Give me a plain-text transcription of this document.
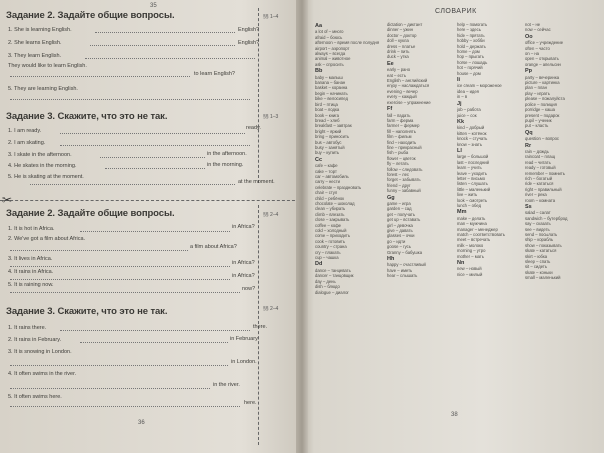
35
Задание 2. Задайте общие вопросы.	§§ 1–4
1. She is learning English.	English?
2. She learns English.	English?
3. They learn English.
They would like to learn English.
to learn English?
5. They are learning English.
Задание 3. Скажите, что это не так.	§§ 1–3
1. I am ready.	ready.
2. I am skating.
3. I skate in the afternoon.	in the afternoon.
4. He skates in the morning.	in the morning.
5. He is skating at the moment.
at the moment.
✂
Задание 2. Задайте общие вопросы.	§§ 2–4
1. It is hot in Africa.	in Africa?
2. We've got a film about Africa.
a film about Africa?
3. It lives in Africa.
in Africa?
4. It rains in Africa.
in Africa?
5. It is raining now.
now?
Задание 3. Скажите, что это не так.	§§ 2–4
1. It rains there.	there.
2. It rains in February.	in February.
3. It is snowing in London.
in London.
4. It often swims in the river.
in the river.
5. It often swims here.
here.
36
СЛОВАРИК
Aa
a lot of – много
afraid – боюсь
afternoon – время после полудня
airport – аэропорт
always – всегда
animal – животное
ask – спросить
Bb
baby – малыш
banana – банан
basket – корзина
begin – начинать
bike – велосипед
bird – птица
boat – лодка
book – книга
bread – хлеб
breakfast – завтрак
bright – яркий
bring – приносить
bus – автобус
busy – занятый
buy – купить
Cc
cafe – кафе
cake – торт
car – автомобиль
carry – нести
celebrate – праздновать
chair – стул
child – ребёнок
chocolate – шоколад
clean – убирать
climb – влезать
close – закрывать
coffee – кофе
cold – холодный
come – приходить
cook – готовить
country – страна
cry – плакать
cup – чашка
Dd
dance – танцевать
dancer – танцовщик
day – день
dish – блюдо
dialogue – диалог
dictation – диктант
dinner – ужин
doctor – доктор
doll – кукла
dress – платье
drink – пить
duck – утка
Ee
early – рано
eat – есть
English – английский
enjoy – наслаждаться
evening – вечер
every – каждый
exercise – упражнение
Ff
fall – падать
farm – ферма
farmer – фермер
fill – наполнять
film – фильм
find – находить
fine – прекрасный
fish – рыба
flower – цветок
fly – летать
follow – следовать
forest – лес
forget – забывать
friend – друг
funny – забавный
Gg
game – игра
garden – сад
get – получать
get up – вставать
girl – девочка
give – давать
glasses – очки
go – идти
goose – гусь
Granny – бабушка
Hh
happy – счастливый
have – иметь
hear – слышать
help – помогать
here – здесь
hide – прятать
hobby – хобби
hold – держать
home – дом
hop – прыгать
horse – лошадь
hot – горячий
house – дом
Ii
ice cream – мороженое
idea – идея
in – в
Jj
job – работа
juice – сок
Kk
kind – добрый
kitten – котёнок
knock – стучать
know – знать
Ll
large – большой
last – последний
learn – учить
leave – уходить
letter – письмо
listen – слушать
little – маленький
live – жить
look – смотреть
lunch – обед
Mm
make – делать
man – мужчина
manager – менеджер
match – соответствовать
meet – встречать
milk – молоко
morning – утро
mother – мать
Nn
new – новый
nice – милый
not – не
now – сейчас
Oo
office – учреждение
often – часто
on – на
open – открывать
orange – апельсин
Pp
party – вечеринка
picture – картинка
plan – план
play – играть
please – пожалуйста
police – полиция
porridge – каша
present – подарок
pupil – ученик
put – класть
Qq
question – вопрос
Rr
rain – дождь
raincoat – плащ
read – читать
ready – готовый
remember – помнить
rich – богатый
ride – кататься
right – правильный
river – река
room – комната
Ss
salad – салат
sandwich – бутерброд
say – сказать
see – видеть
send – посылать
ship – корабль
show – показывать
skate – кататься
skirt – юбка
sleep – спать
sit – сидеть
skate – коньки
small – маленький
38
